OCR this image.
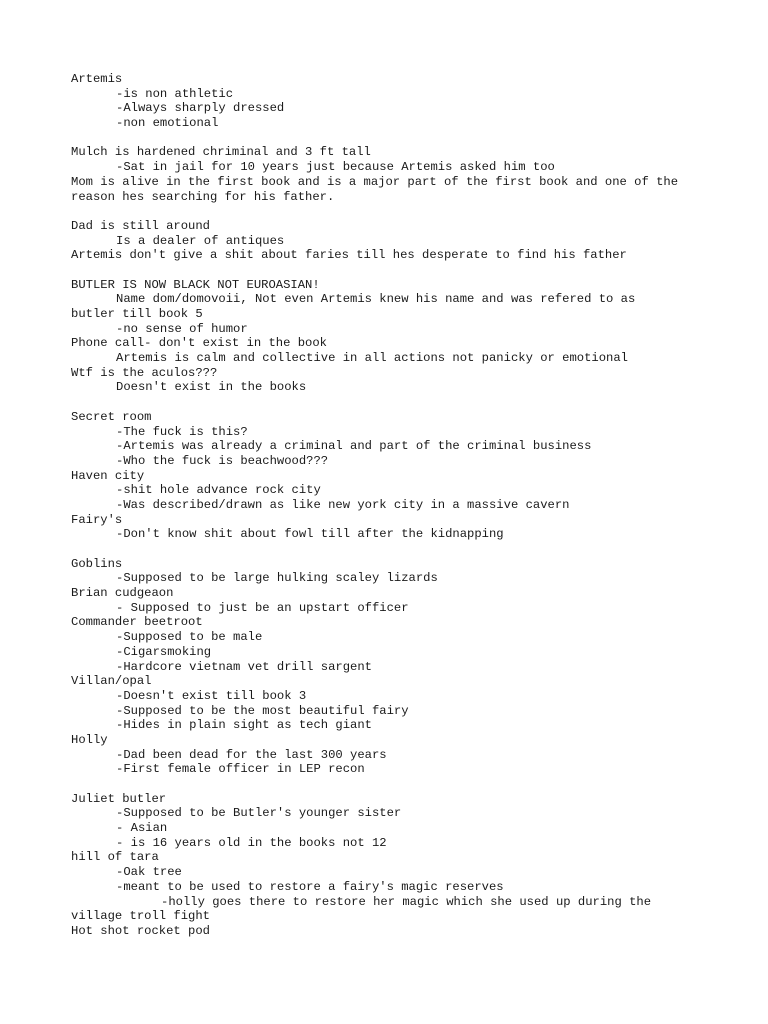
Artemis
-is non athletic
-Always sharply dressed
-non emotional
Mulch is hardened chriminal and 3 ft tall
-Sat in jail for 10 years just because Artemis asked him too
Mom is alive in the first book and is a major part of the first book and one of the
reason hes searching for his father.
Dad is still around
Is a dealer of antiques
Artemis don't give a shit about faries till hes desperate to find his father
BUTLER IS NOW BLACK NOT EUROASIAN!
Name dom/domovoii, Not even Artemis knew his name and was refered to as
butler till book 5
-no sense of humor
Phone call- don't exist in the book
Artemis is calm and collective in all actions not panicky or emotional
Wtf is the aculos???
Doesn't exist in the books
Secret room
-The fuck is this?
-Artemis was already a criminal and part of the criminal business
-Who the fuck is beachwood???
Haven city
-shit hole advance rock city
-Was described/drawn as like new york city in a massive cavern
Fairy's
-Don't know shit about fowl till after the kidnapping
Goblins
-Supposed to be large hulking scaley lizards
Brian cudgeaon
- Supposed to just be an upstart officer
Commander beetroot
-Supposed to be male
-Cigarsmoking
-Hardcore vietnam vet drill sargent
Villan/opal
-Doesn't exist till book 3
-Supposed to be the most beautiful fairy
-Hides in plain sight as tech giant
Holly
-Dad been dead for the last 300 years
-First female officer in LEP recon
Juliet butler
-Supposed to be Butler's younger sister
- Asian
- is 16 years old in the books not 12
hill of tara
-Oak tree
-meant to be used to restore a fairy's magic reserves
-holly goes there to restore her magic which she used up during the
village troll fight
Hot shot rocket pod
